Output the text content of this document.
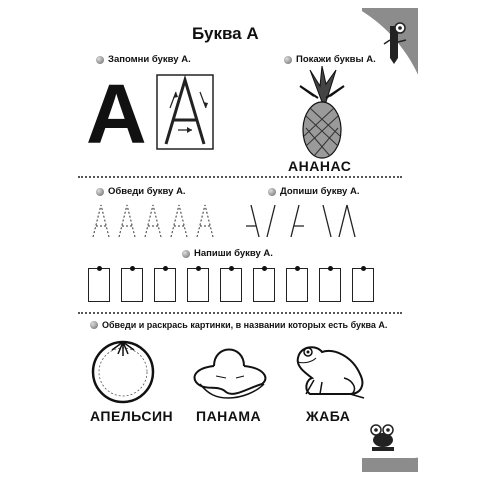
Буква А
Запомни букву А.	Покажи буквы А.
A
АНАНАС
Обведи букву А.	Допиши букву А.
Напиши букву А.
Обведи и раскрась картинки, в названии которых есть буква А.
АПЕЛЬСИН ПАНАМА	ЖАБА	3
